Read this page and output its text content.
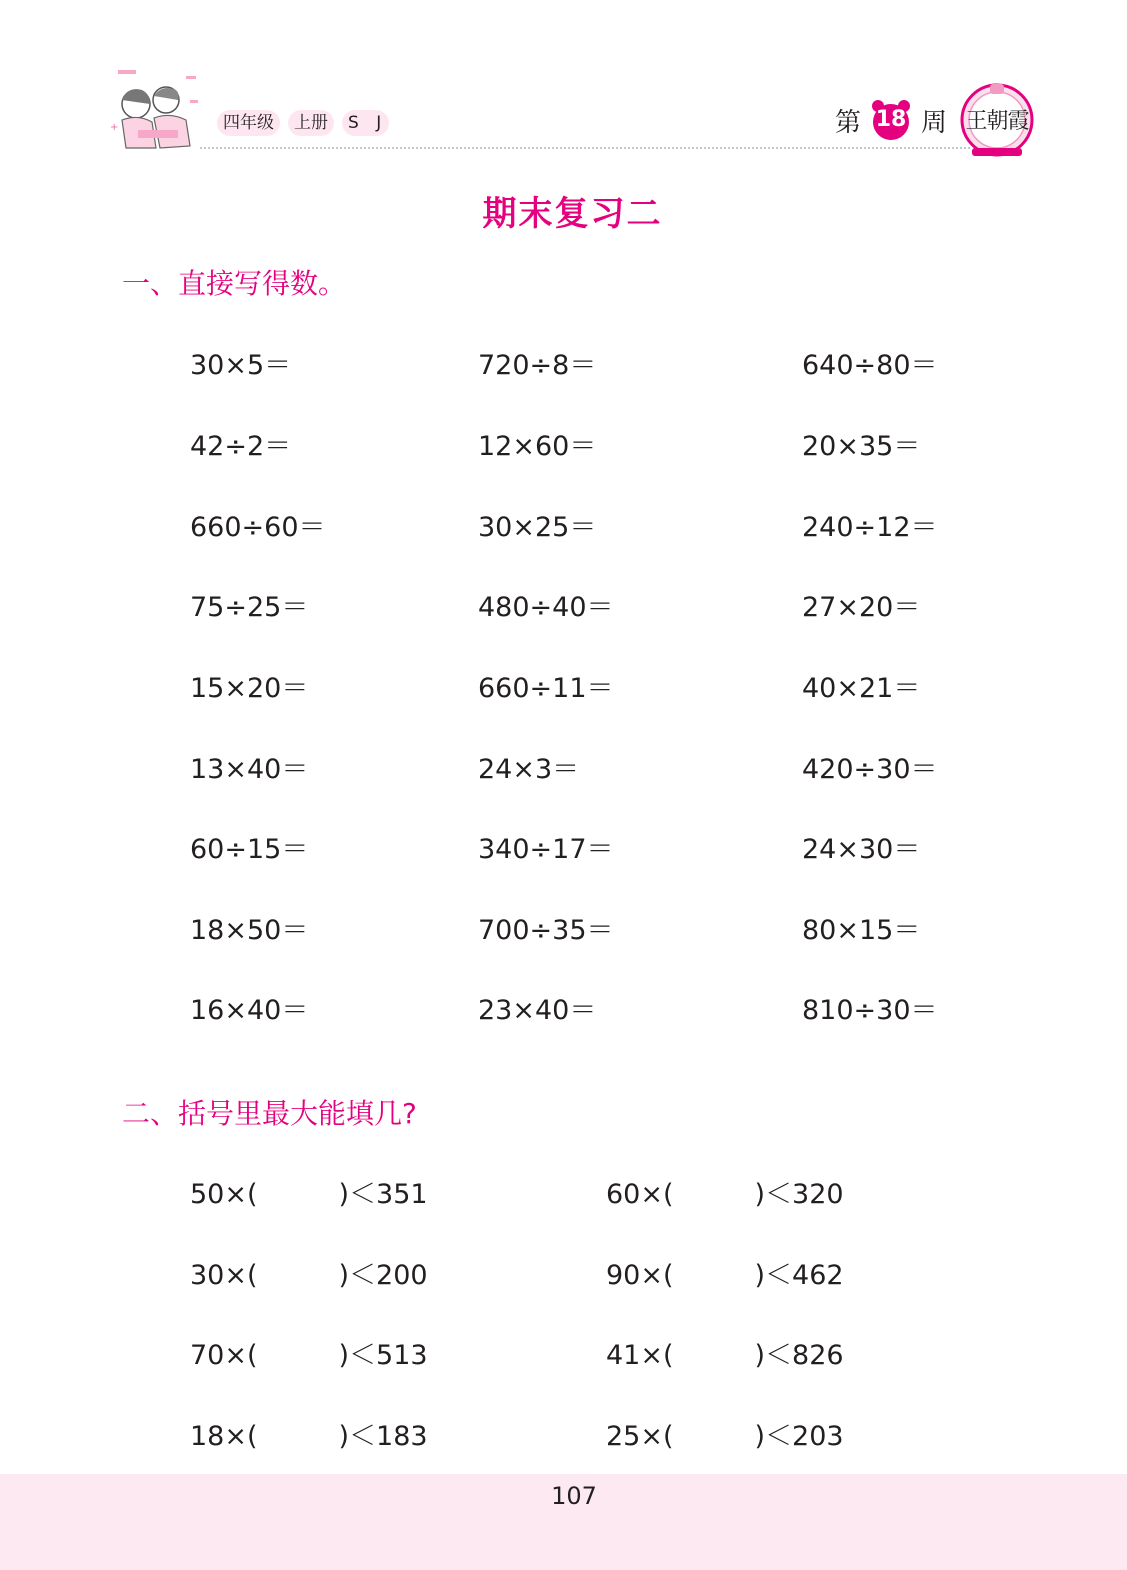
+	四年级	上册	S J	第 18 周 王朝霞
期末复习二
一、直接写得数。
30×5＝	720÷8＝	640÷80＝
42÷2＝	12×60＝	20×35＝
660÷60＝	30×25＝	240÷12＝
75÷25＝	480÷40＝	27×20＝
15×20＝	660÷11＝	40×21＝
13×40＝	24×3＝	420÷30＝
60÷15＝	340÷17＝	24×30＝
18×50＝	700÷35＝	80×15＝
16×40＝	23×40＝	810÷30＝
二、括号里最大能填几?
50×(　　　)＜351	60×(　　　)＜320
30×(　　　)＜200	90×(　　　)＜462
70×(　　　)＜513	41×(　　　)＜826
18×(　　　)＜183	25×(　　　)＜203
107
